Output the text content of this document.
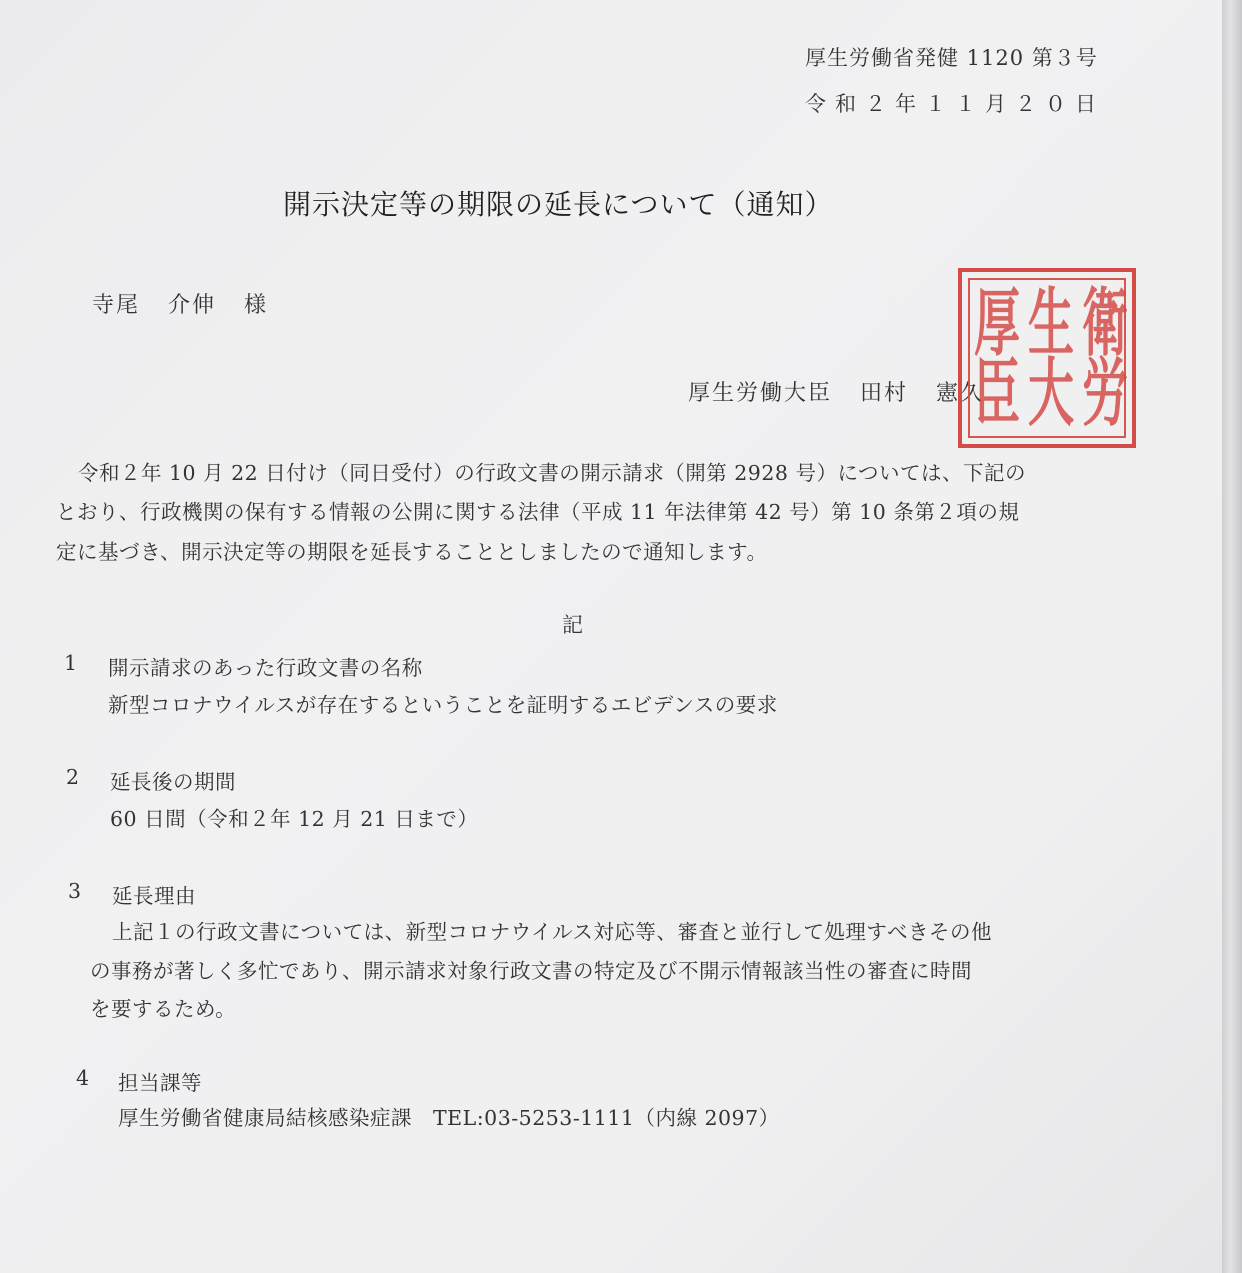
厚生労働省発健 1120 第３号
令和２年１１月２０日
開示決定等の期限の延長について（通知）
寺尾 介伸 様
厚生労働大臣 田村 憲久
衛
労
生
大
厚
臣
令和２年 10 月 22 日付け（同日受付）の行政文書の開示請求（開第 2928 号）については、下記の
とおり、行政機関の保有する情報の公開に関する法律（平成 11 年法律第 42 号）第 10 条第２項の規
定に基づき、開示決定等の期限を延長することとしましたので通知します。
記
1 開示請求のあった行政文書の名称
新型コロナウイルスが存在するということを証明するエビデンスの要求
2 延長後の期間
60 日間（令和２年 12 月 21 日まで）
3 延長理由
上記１の行政文書については、新型コロナウイルス対応等、審査と並行して処理すべきその他
の事務が著しく多忙であり、開示請求対象行政文書の特定及び不開示情報該当性の審査に時間
を要するため。
4 担当課等
厚生労働省健康局結核感染症課　TEL:03-5253-1111（内線 2097）
